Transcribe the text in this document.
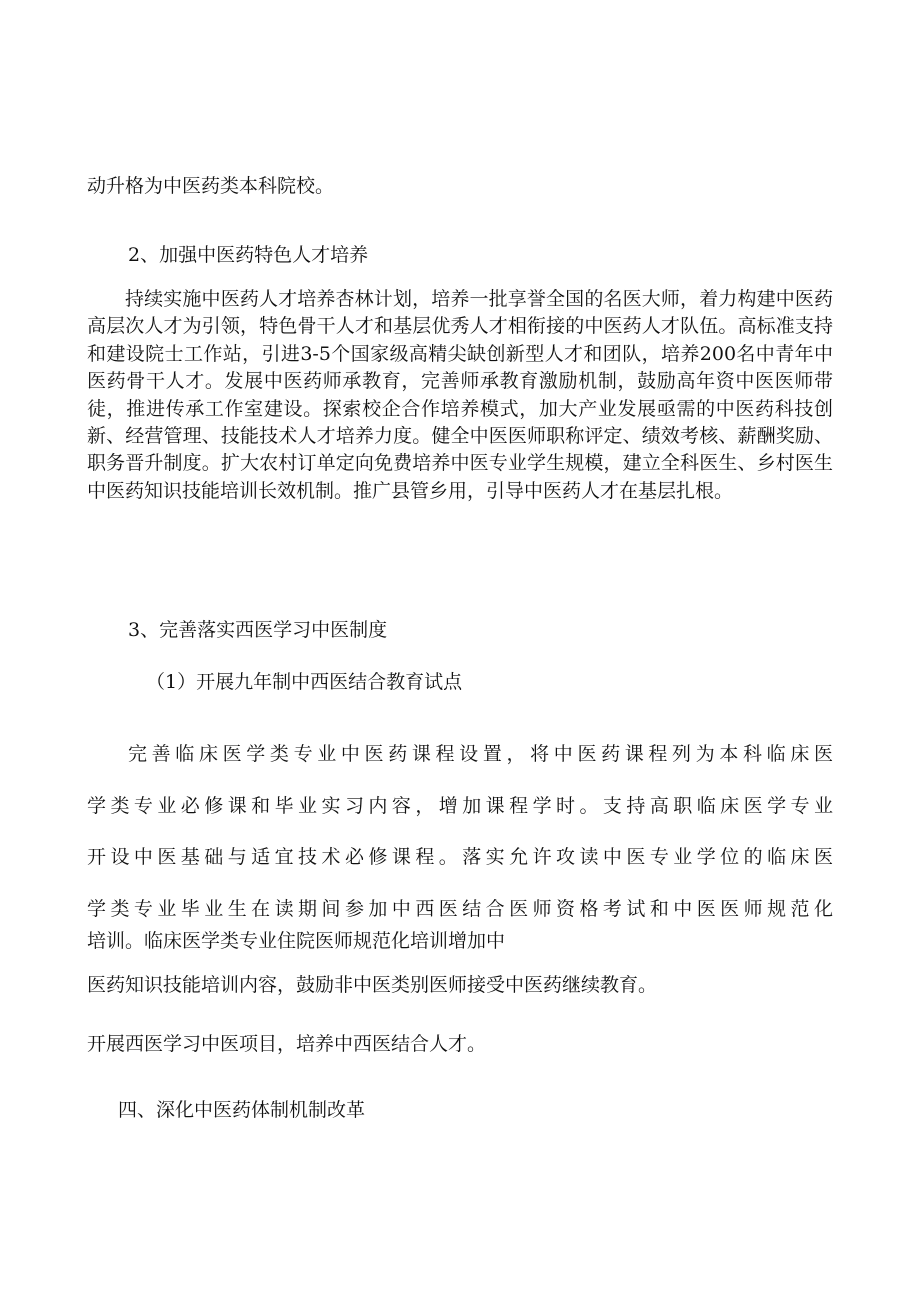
动升格为中医药类本科院校。

2、加强中医药特色人才培养

持续实施中医药人才培养杏林计划，培养一批享誉全国的名医大师，着力构建中医药高层次人才为引领，特色骨干人才和基层优秀人才相衔接的中医药人才队伍。高标准支持和建设院士工作站，引进3-5个国家级高精尖缺创新型人才和团队，培养200名中青年中医药骨干人才。发展中医药师承教育，完善师承教育激励机制，鼓励高年资中医医师带徒，推进传承工作室建设。探索校企合作培养模式，加大产业发展亟需的中医药科技创新、经营管理、技能技术人才培养力度。健全中医医师职称评定、绩效考核、薪酬奖励、职务晋升制度。扩大农村订单定向免费培养中医专业学生规模，建立全科医生、乡村医生中医药知识技能培训长效机制。推广县管乡用，引导中医药人才在基层扎根。

3、完善落实西医学习中医制度

（1）开展九年制中西医结合教育试点

完善临床医学类专业中医药课程设置，将中医药课程列为本科临床医

学类专业必修课和毕业实习内容，增加课程学时。支持高职临床医学专业

开设中医基础与适宜技术必修课程。落实允许攻读中医专业学位的临床医

学类专业毕业生在读期间参加中西医结合医师资格考试和中医医师规范化

培训。临床医学类专业住院医师规范化培训增加中

医药知识技能培训内容，鼓励非中医类别医师接受中医药继续教育。

开展西医学习中医项目，培养中西医结合人才。

四、深化中医药体制机制改革
